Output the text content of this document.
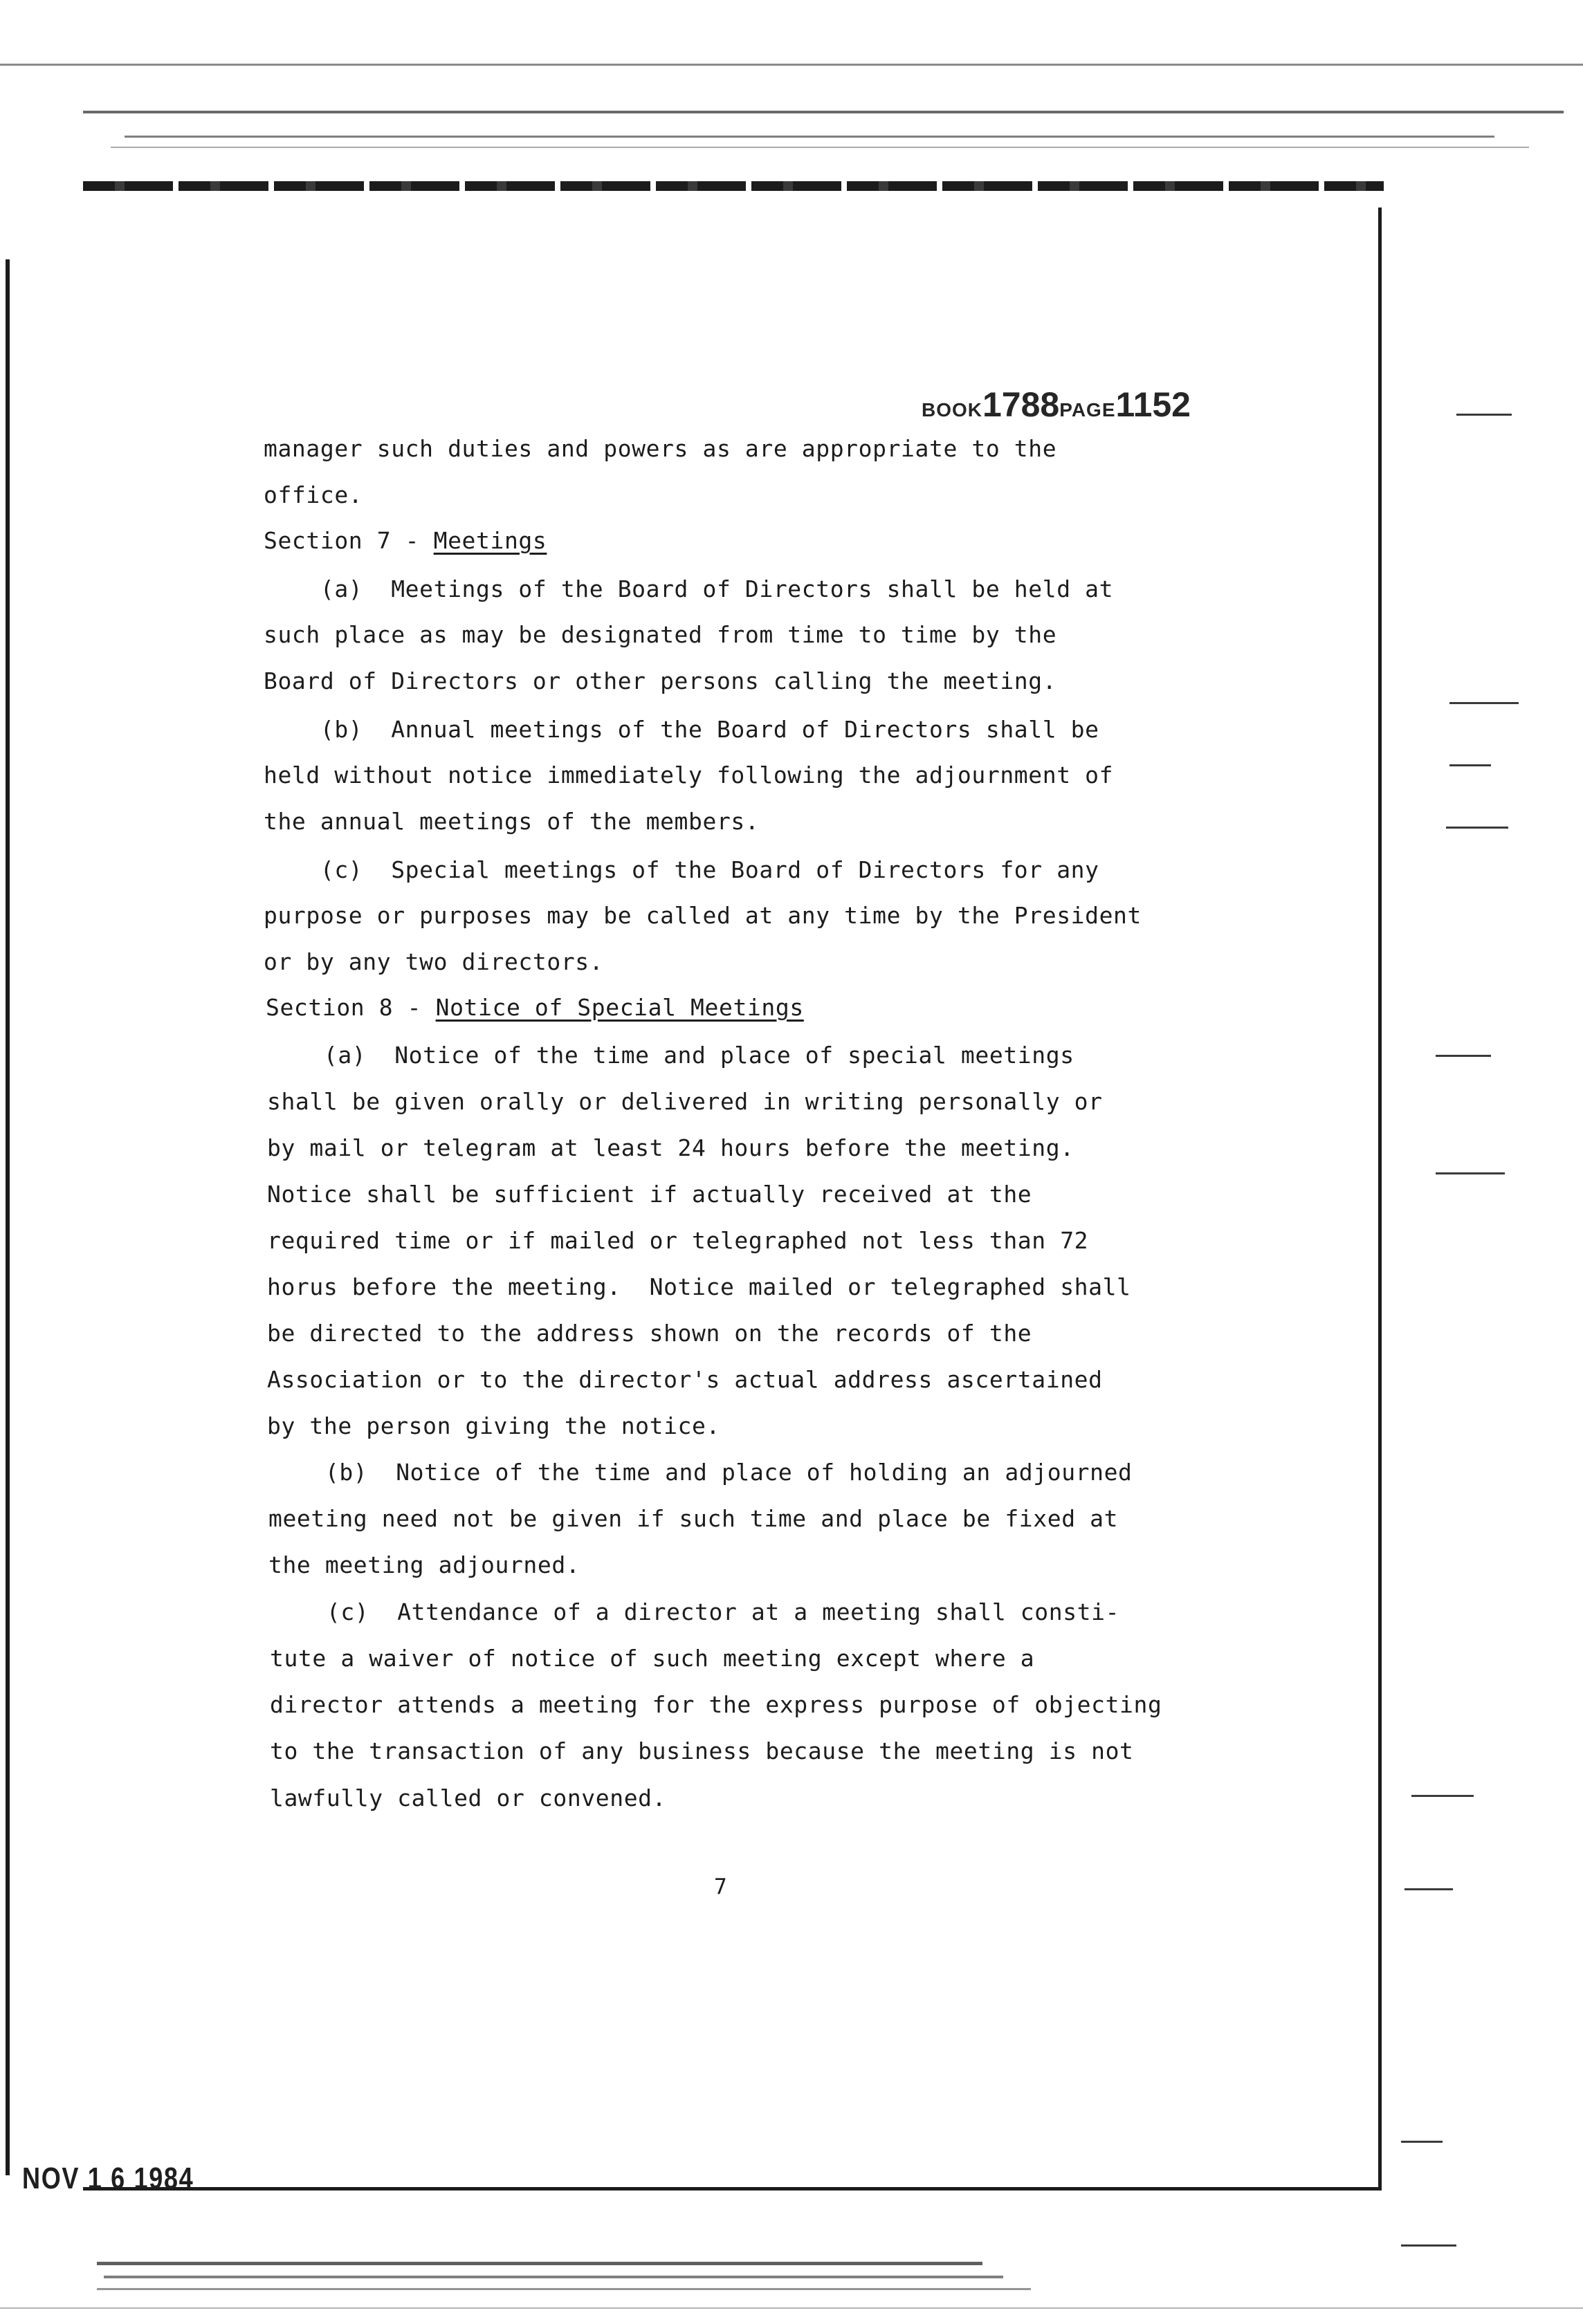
BOOK1788PAGE1152
manager such duties and powers as are appropriate to the
office.
Section 7 - Meetings
(a)  Meetings of the Board of Directors shall be held at
such place as may be designated from time to time by the
Board of Directors or other persons calling the meeting.
(b)  Annual meetings of the Board of Directors shall be
held without notice immediately following the adjournment of
the annual meetings of the members.
(c)  Special meetings of the Board of Directors for any
purpose or purposes may be called at any time by the President
or by any two directors.
Section 8 - Notice of Special Meetings
(a)  Notice of the time and place of special meetings
shall be given orally or delivered in writing personally or
by mail or telegram at least 24 hours before the meeting.
Notice shall be sufficient if actually received at the
required time or if mailed or telegraphed not less than 72
horus before the meeting.  Notice mailed or telegraphed shall
be directed to the address shown on the records of the
Association or to the director's actual address ascertained
by the person giving the notice.
(b)  Notice of the time and place of holding an adjourned
meeting need not be given if such time and place be fixed at
the meeting adjourned.
(c)  Attendance of a director at a meeting shall consti-
tute a waiver of notice of such meeting except where a
director attends a meeting for the express purpose of objecting
to the transaction of any business because the meeting is not
lawfully called or convened.
7
NOV 1 6 1984
